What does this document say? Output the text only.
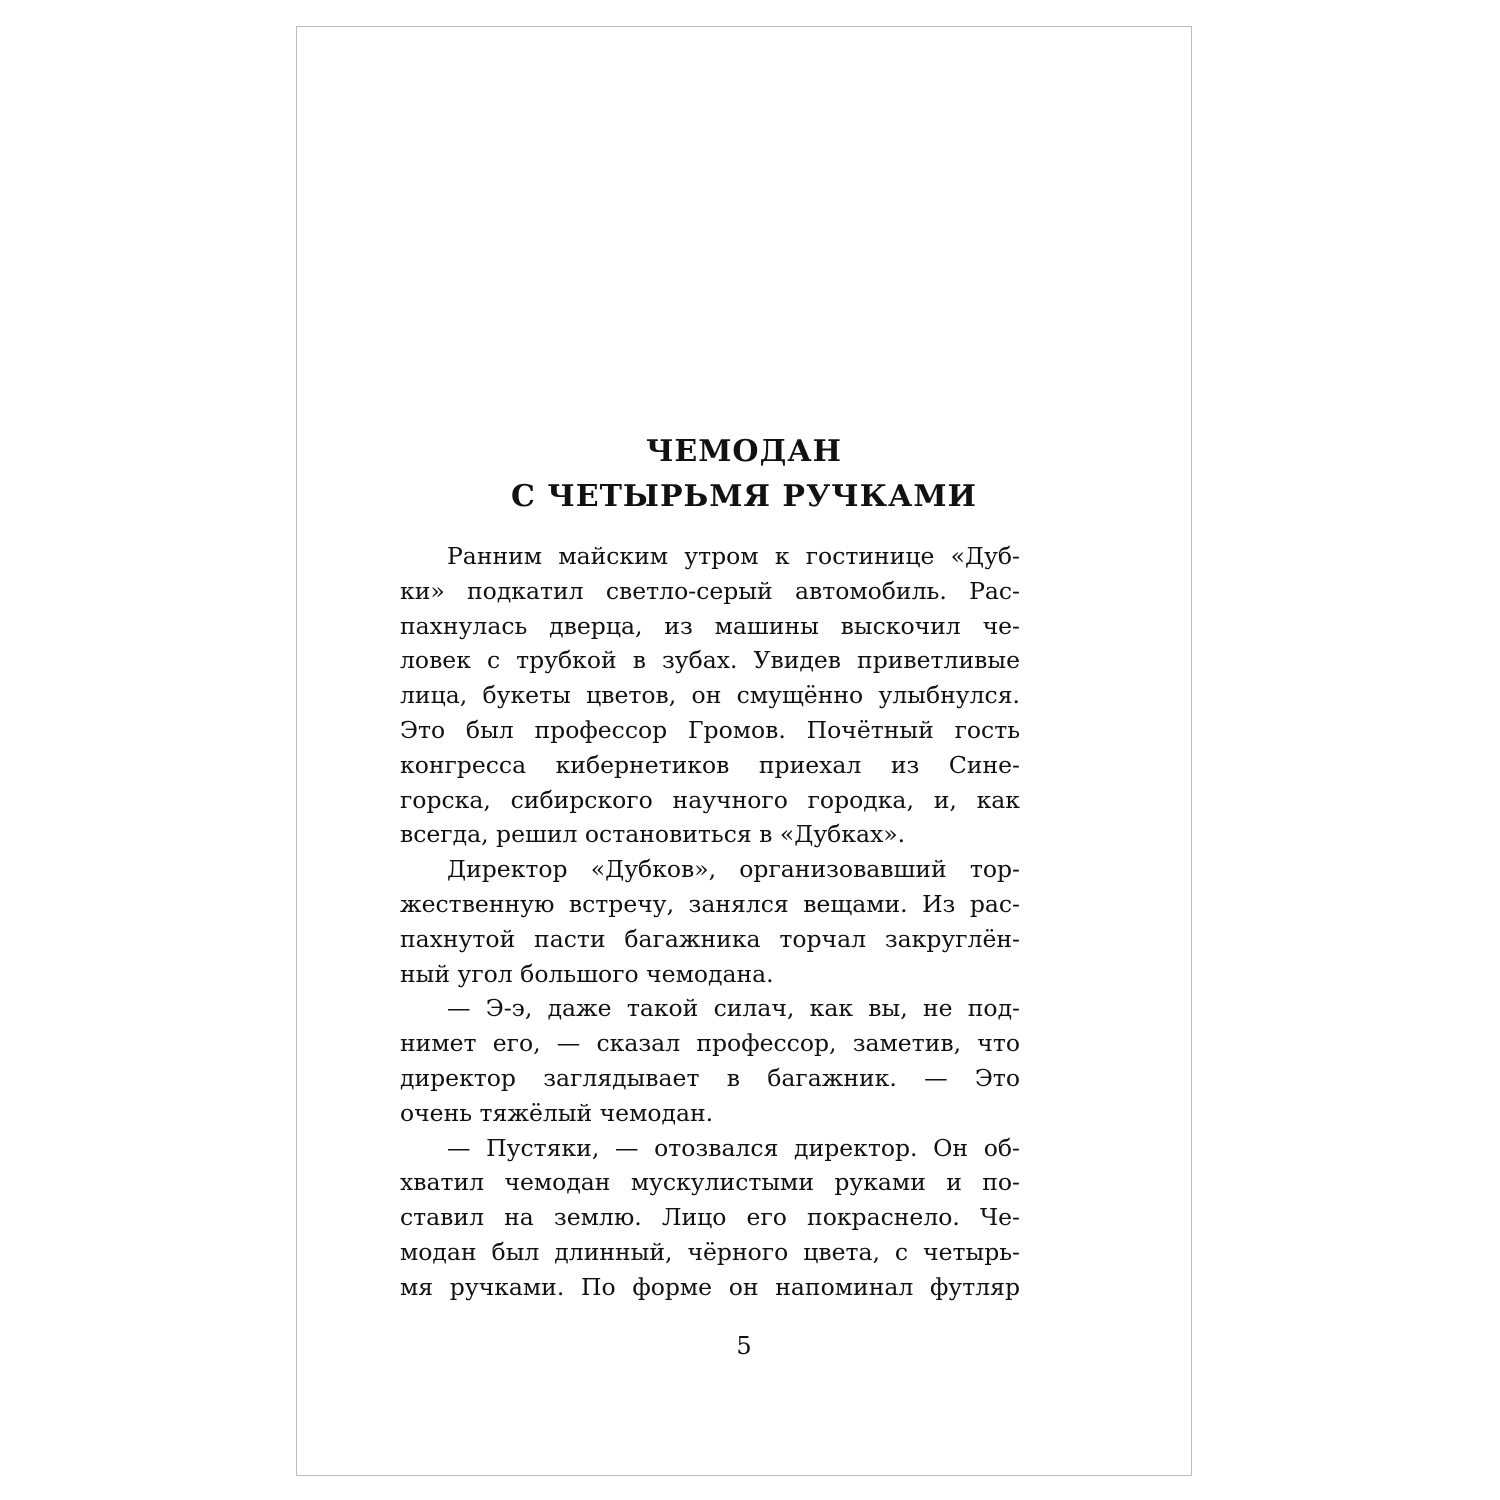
ЧЕМОДАН
С ЧЕТЫРЬМЯ РУЧКАМИ
Ранним майским утром к гостинице «Дуб-
ки» подкатил светло-серый автомобиль. Рас-
пахнулась дверца, из машины выскочил че-
ловек с трубкой в зубах. Увидев приветливые
лица, букеты цветов, он смущённо улыбнулся.
Это был профессор Громов. Почётный гость
конгресса кибернетиков приехал из Сине-
горска, сибирского научного городка, и, как
всегда, решил остановиться в «Дубках».
Директор «Дубков», организовавший тор-
жественную встречу, занялся вещами. Из рас-
пахнутой пасти багажника торчал закруглён-
ный угол большого чемодана.
— Э-э, даже такой силач, как вы, не под-
нимет его, — сказал профессор, заметив, что
директор заглядывает в багажник. — Это
очень тяжёлый чемодан.
— Пустяки, — отозвался директор. Он об-
хватил чемодан мускулистыми руками и по-
ставил на землю. Лицо его покраснело. Че-
модан был длинный, чёрного цвета, с четырь-
мя ручками. По форме он напоминал футляр
5
